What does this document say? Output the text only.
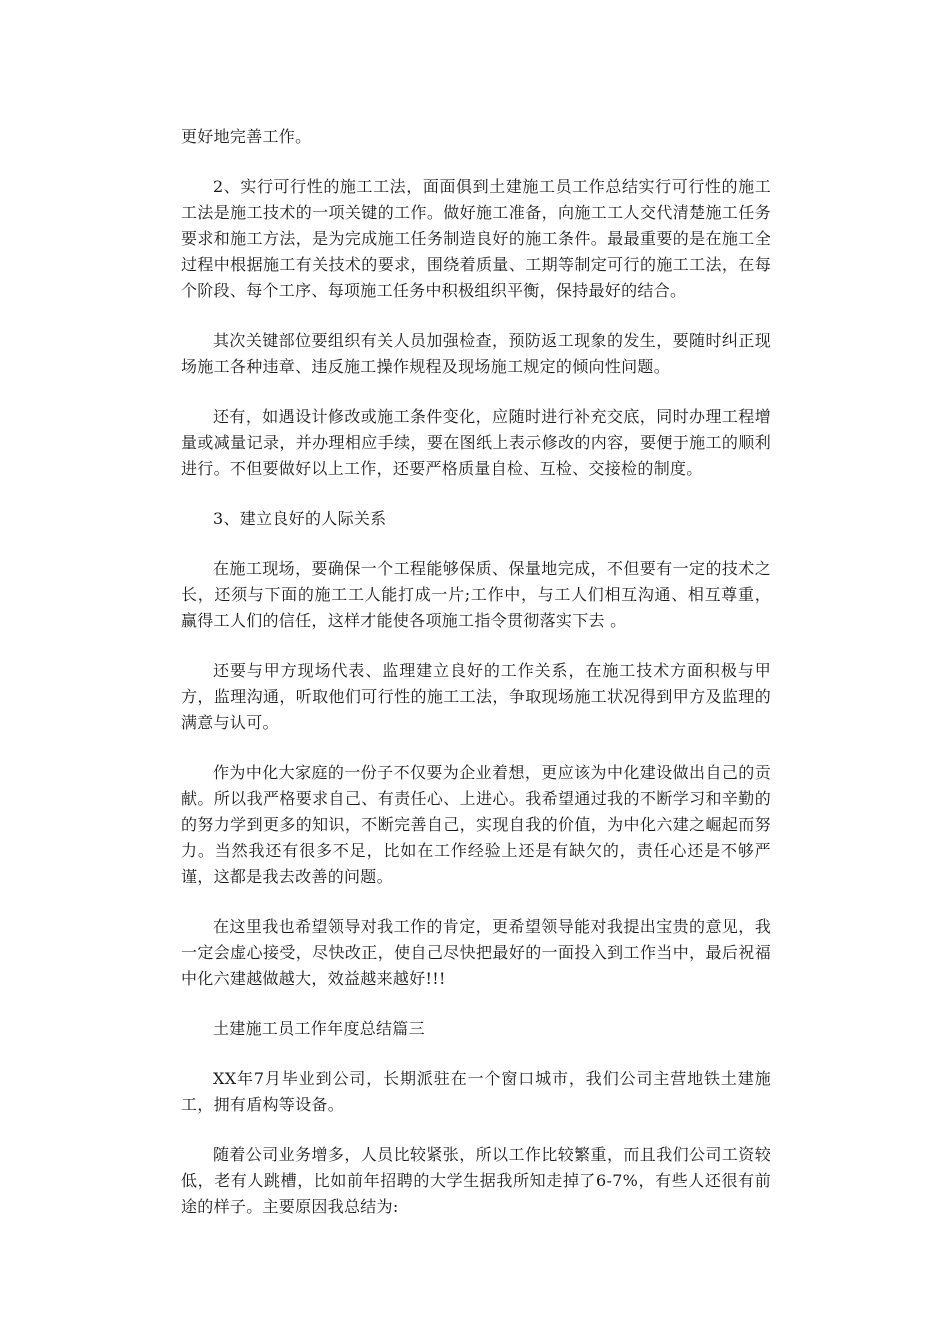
更好地完善工作。

2、实行可行性的施工工法，面面俱到土建施工员工作总结实行可行性的施工工法是施工技术的一项关键的工作。做好施工准备，向施工工人交代清楚施工任务要求和施工方法，是为完成施工任务制造良好的施工条件。最最重要的是在施工全过程中根据施工有关技术的要求，围绕着质量、工期等制定可行的施工工法，在每个阶段、每个工序、每项施工任务中积极组织平衡，保持最好的结合。

其次关键部位要组织有关人员加强检查，预防返工现象的发生，要随时纠正现场施工各种违章、违反施工操作规程及现场施工规定的倾向性问题。

还有，如遇设计修改或施工条件变化，应随时进行补充交底，同时办理工程增量或减量记录，并办理相应手续，要在图纸上表示修改的内容，要便于施工的顺利进行。不但要做好以上工作，还要严格质量自检、互检、交接检的制度。

3、建立良好的人际关系

在施工现场，要确保一个工程能够保质、保量地完成，不但要有一定的技术之长，还须与下面的施工工人能打成一片;工作中，与工人们相互沟通、相互尊重，赢得工人们的信任，这样才能使各项施工指令贯彻落实下去 。

还要与甲方现场代表、监理建立良好的工作关系，在施工技术方面积极与甲方，监理沟通，听取他们可行性的施工工法，争取现场施工状况得到甲方及监理的满意与认可。

作为中化大家庭的一份子不仅要为企业着想，更应该为中化建设做出自己的贡献。所以我严格要求自己、有责任心、上进心。我希望通过我的不断学习和辛勤的的努力学到更多的知识，不断完善自己，实现自我的价值，为中化六建之崛起而努力。当然我还有很多不足，比如在工作经验上还是有缺欠的，责任心还是不够严谨，这都是我去改善的问题。

在这里我也希望领导对我工作的肯定，更希望领导能对我提出宝贵的意见，我一定会虚心接受，尽快改正，使自己尽快把最好的一面投入到工作当中，最后祝福中化六建越做越大，效益越来越好!!!

土建施工员工作年度总结篇三

XX年7月毕业到公司，长期派驻在一个窗口城市，我们公司主营地铁土建施工，拥有盾构等设备。

随着公司业务增多，人员比较紧张，所以工作比较繁重，而且我们公司工资较低，老有人跳槽，比如前年招聘的大学生据我所知走掉了6-7%，有些人还很有前途的样子。主要原因我总结为:
